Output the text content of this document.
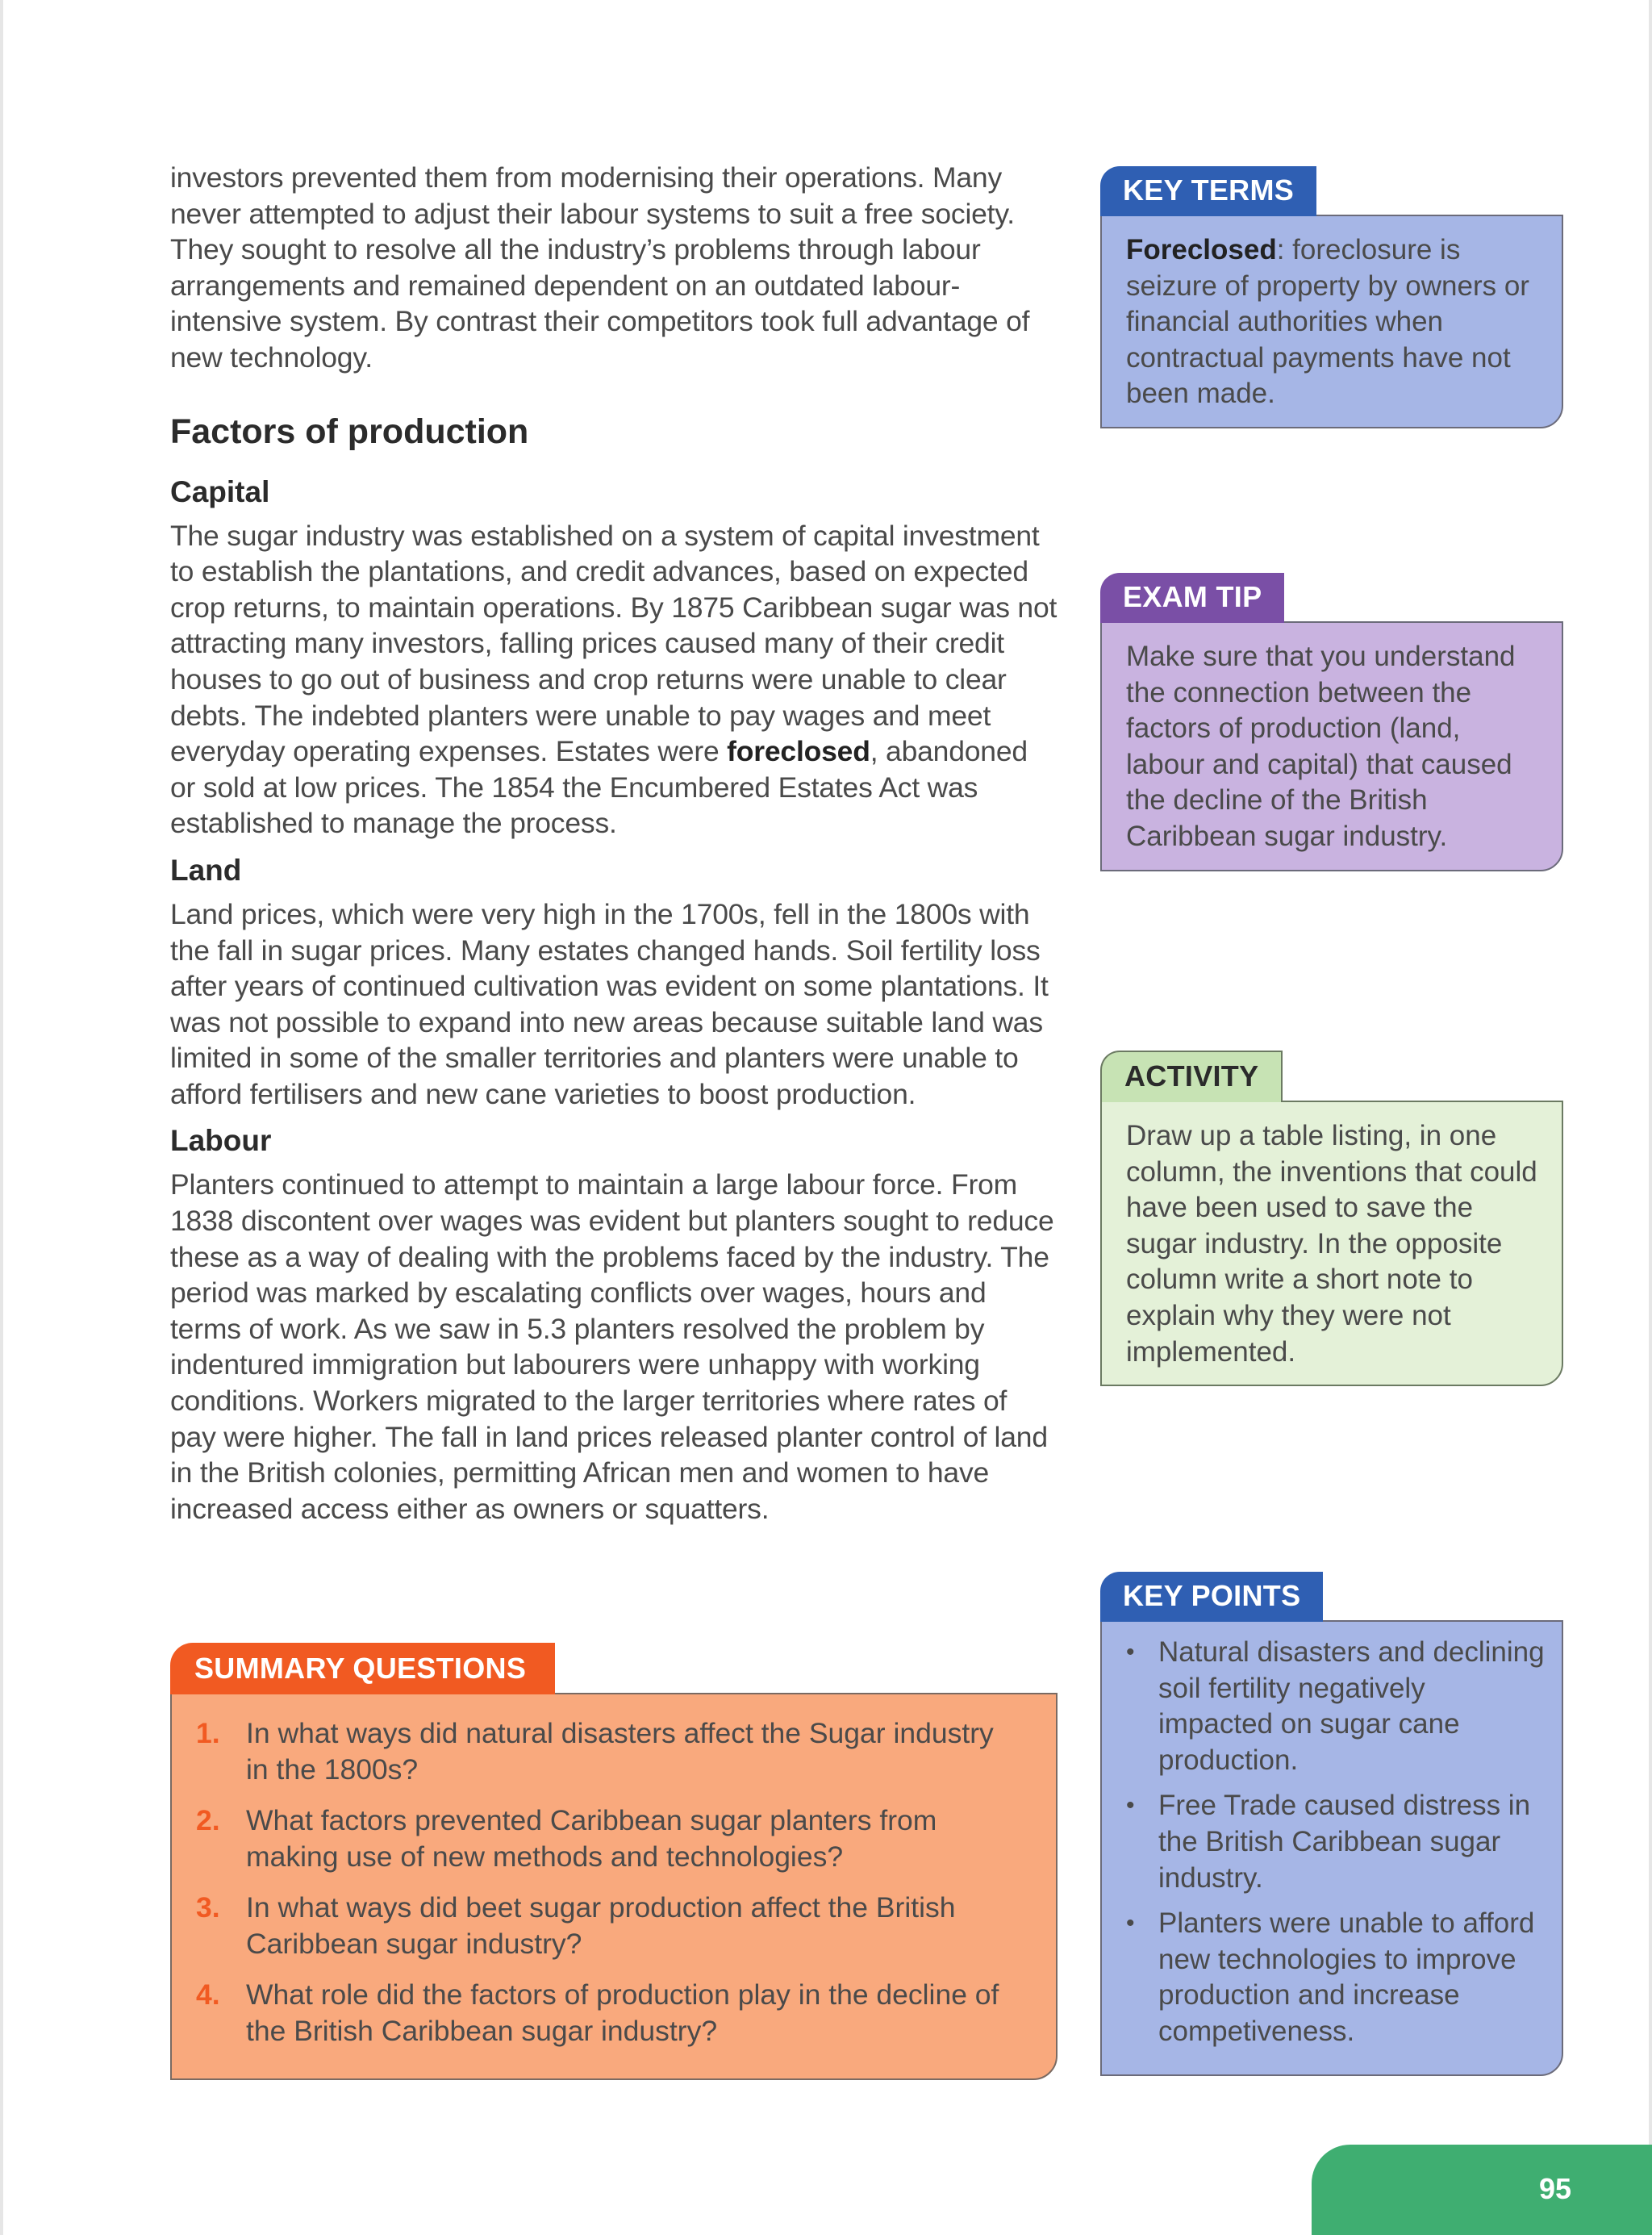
investors prevented them from modernising their operations. Many never attempted to adjust their labour systems to suit a free society. They sought to resolve all the industry’s problems through labour arrangements and remained dependent on an outdated labour-intensive system. By contrast their competitors took full advantage of new technology.

Factors of production
Capital

The sugar industry was established on a system of capital investment to establish the plantations, and credit advances, based on expected crop returns, to maintain operations. By 1875 Caribbean sugar was not attracting many investors, falling prices caused many of their credit houses to go out of business and crop returns were unable to clear debts. The indebted planters were unable to pay wages and meet everyday operating expenses. Estates were foreclosed, abandoned or sold at low prices. The 1854 the Encumbered Estates Act was established to manage the process.

Land

Land prices, which were very high in the 1700s, fell in the 1800s with the fall in sugar prices. Many estates changed hands. Soil fertility loss after years of continued cultivation was evident on some plantations. It was not possible to expand into new areas because suitable land was limited in some of the smaller territories and planters were unable to afford fertilisers and new cane varieties to boost production.

Labour

Planters continued to attempt to maintain a large labour force. From 1838 discontent over wages was evident but planters sought to reduce these as a way of dealing with the problems faced by the industry. The period was marked by escalating conflicts over wages, hours and terms of work. As we saw in 5.3 planters resolved the problem by indentured immigration but labourers were unhappy with working conditions. Workers migrated to the larger territories where rates of pay were higher. The fall in land prices released planter control of land in the British colonies, permitting African men and women to have increased access either as owners or squatters.

SUMMARY QUESTIONS
1. In what ways did natural disasters affect the Sugar industry in the 1800s?
2. What factors prevented Caribbean sugar planters from making use of new methods and technologies?
3. In what ways did beet sugar production affect the British Caribbean sugar industry?
4. What role did the factors of production play in the decline of the British Caribbean sugar industry?
KEY TERMS
Foreclosed: foreclosure is seizure of property by owners or financial authorities when contractual payments have not been made.
EXAM TIP
Make sure that you understand the connection between the factors of production (land, labour and capital) that caused the decline of the British Caribbean sugar industry.
ACTIVITY
Draw up a table listing, in one column, the inventions that could have been used to save the sugar industry. In the opposite column write a short note to explain why they were not implemented.
KEY POINTS
• Natural disasters and declining soil fertility negatively impacted on sugar cane production.
• Free Trade caused distress in the British Caribbean sugar industry.
• Planters were unable to afford new technologies to improve production and increase competiveness.
95
